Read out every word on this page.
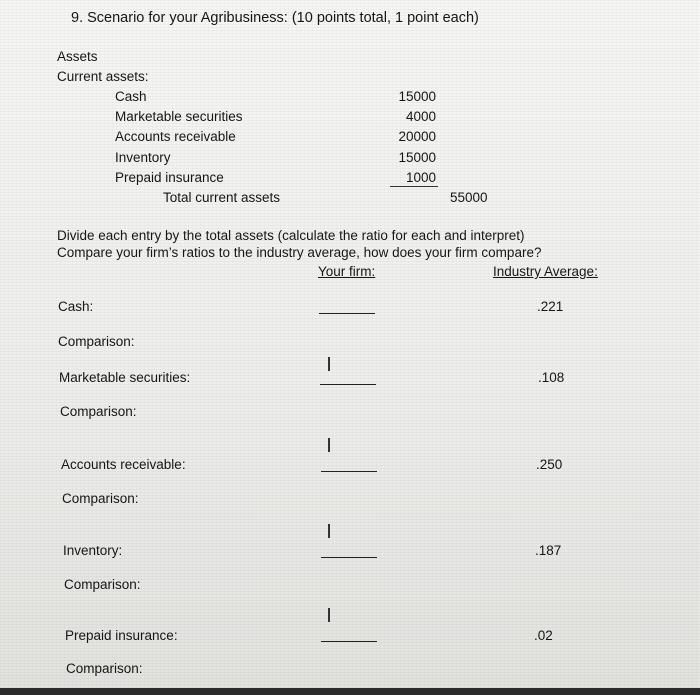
9. Scenario for your Agribusiness: (10 points total, 1 point each)
Assets
Current assets:
Cash	15000
Marketable securities	4000
Accounts receivable	20000
Inventory	15000
Prepaid insurance	1000
Total current assets	55000
Divide each entry by the total assets (calculate the ratio for each and interpret)
Compare your firm’s ratios to the industry average, how does your firm compare?
Your firm:	Industry Average:
Cash:	.221
Comparison:
Marketable securities:	.108
Comparison:
Accounts receivable:	.250
Comparison:
Inventory:	.187
Comparison:
Prepaid insurance:	.02
Comparison:
